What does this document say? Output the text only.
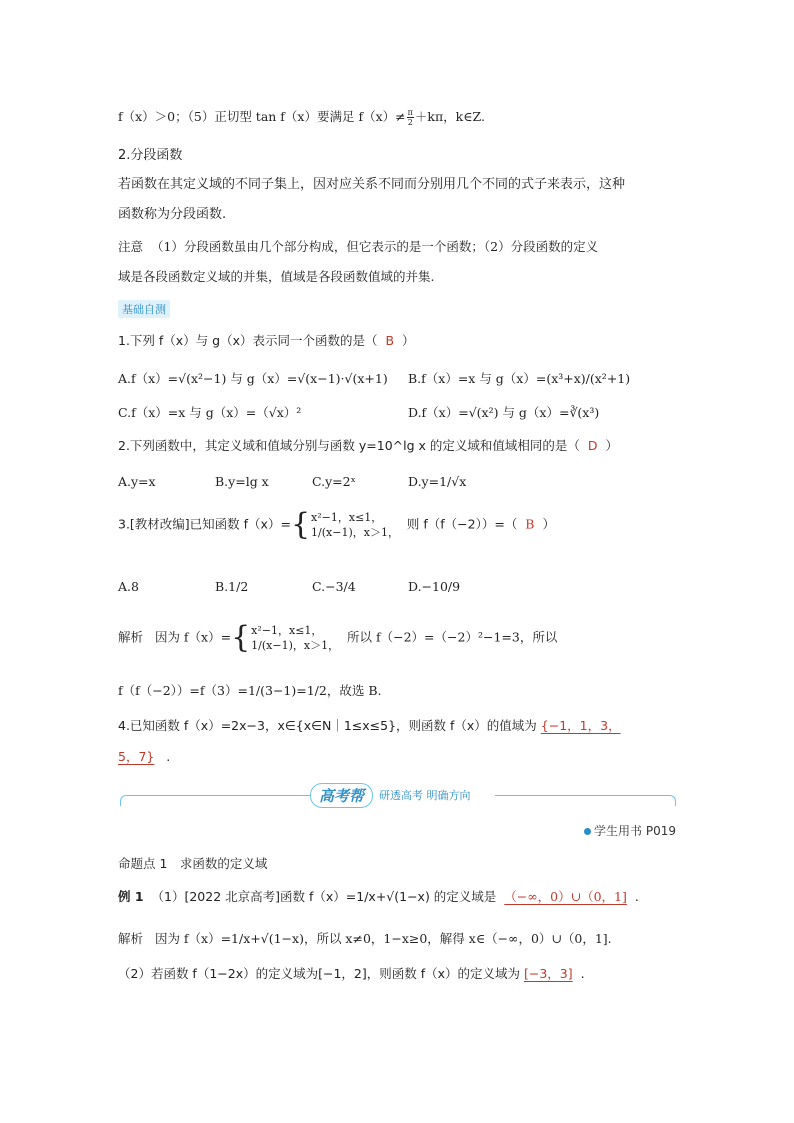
f（x）＞0；（5）正切型 tan f（x）要满足 $f(x)\ne \frac{\pi}{2} +k\pi$，k∈Z.
2.分段函数
若函数在其定义域的不同子集上，因对应关系不同而分别用几个不同的式子来表示，这种
函数称为分段函数.
注意 （1）分段函数虽由几个部分构成，但它表示的是一个函数；（2）分段函数的定义
域是各段函数定义域的并集，值域是各段函数值域的并集.
基础自测
1.下列 f（x）与 g（x）表示同一个函数的是（ B ）
A.f（x）=√(x²−1) 与 g（x）=√(x−1)·√(x+1) B.f（x）=x 与 g（x）=(x³+x)/(x²+1)
C.f（x）=x 与 g（x）=（√x）²	D.f（x）=√(x²) 与 g（x）=∛(x³)
2.下列函数中，其定义域和值域分别与函数 y=10^lg x 的定义域和值域相同的是（ D ）
A.y=x	B.y=lg x	C.y=2ˣ	D.y=1/√x
3.[教材改编]已知函数 f（x）={ x²−1，x≤1，
1/(x−1)，x＞1，
则 f（f（−2））=（ B ）
A.8	B.1/2	C.−3/4	D.−10/9
解析 因为 f（x）={ x²−1，x≤1，
1/(x−1)，x＞1，
所以 f（−2）=（−2）²−1=3，所以
f（f（−2））=f（3）=1/(3−1)=1/2，故选 B.
4.已知函数 f（x）=2x−3，x∈{x∈N｜1≤x≤5}，则函数 f（x）的值域为 {−1，1，3，
5，7} .
高考帮	研透高考 明确方向
学生用书 P019
命题点 1　求函数的定义域
例 1 （1）[2022 北京高考]函数 f（x）=1/x+√(1−x) 的定义域是 （−∞，0）∪（0，1] .
解析 因为 f（x）=1/x+√(1−x)，所以 x≠0，1−x≥0，解得 x∈（−∞，0）∪（0，1].
（2）若函数 f（1−2x）的定义域为[−1，2]，则函数 f（x）的定义域为 [−3，3] .
